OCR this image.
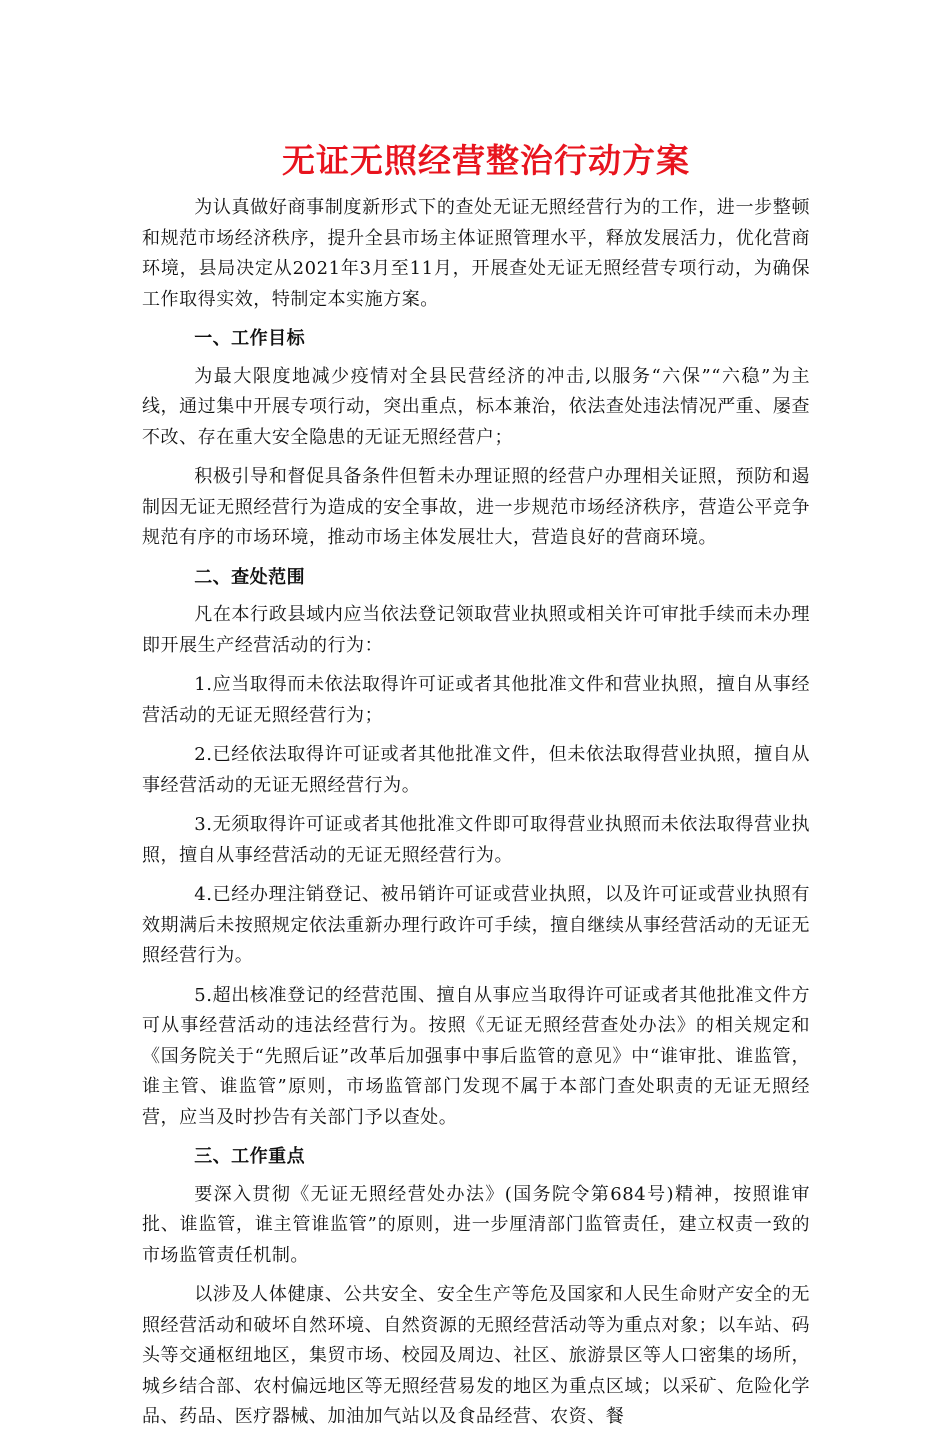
无证无照经营整治行动方案

为认真做好商事制度新形式下的查处无证无照经营行为的工作，进一步整顿和规范市场经济秩序，提升全县市场主体证照管理水平，释放发展活力，优化营商环境，县局决定从2021年3月至11月，开展查处无证无照经营专项行动，为确保工作取得实效，特制定本实施方案。

一、工作目标

为最大限度地减少疫情对全县民营经济的冲击,以服务“六保”“六稳”为主线，通过集中开展专项行动，突出重点，标本兼治，依法查处违法情况严重、屡查不改、存在重大安全隐患的无证无照经营户；

积极引导和督促具备条件但暂未办理证照的经营户办理相关证照，预防和遏制因无证无照经营行为造成的安全事故，进一步规范市场经济秩序，营造公平竞争规范有序的市场环境，推动市场主体发展壮大，营造良好的营商环境。

二、查处范围

凡在本行政县域内应当依法登记领取营业执照或相关许可审批手续而未办理即开展生产经营活动的行为：

1.应当取得而未依法取得许可证或者其他批准文件和营业执照，擅自从事经营活动的无证无照经营行为；

2.已经依法取得许可证或者其他批准文件，但未依法取得营业执照，擅自从事经营活动的无证无照经营行为。

3.无须取得许可证或者其他批准文件即可取得营业执照而未依法取得营业执照，擅自从事经营活动的无证无照经营行为。

4.已经办理注销登记、被吊销许可证或营业执照，以及许可证或营业执照有效期满后未按照规定依法重新办理行政许可手续，擅自继续从事经营活动的无证无照经营行为。

5.超出核准登记的经营范围、擅自从事应当取得许可证或者其他批准文件方可从事经营活动的违法经营行为。按照《无证无照经营查处办法》的相关规定和《国务院关于“先照后证”改革后加强事中事后监管的意见》中“谁审批、谁监管，谁主管、谁监管”原则，市场监管部门发现不属于本部门查处职责的无证无照经营，应当及时抄告有关部门予以查处。

三、工作重点

要深入贯彻《无证无照经营处办法》(国务院令第684号)精神，按照谁审批、谁监管，谁主管谁监管”的原则，进一步厘清部门监管责任，建立权责一致的市场监管责任机制。

以涉及人体健康、公共安全、安全生产等危及国家和人民生命财产安全的无照经营活动和破坏自然环境、自然资源的无照经营活动等为重点对象；以车站、码头等交通枢纽地区，集贸市场、校园及周边、社区、旅游景区等人口密集的场所，城乡结合部、农村偏远地区等无照经营易发的地区为重点区域；以采矿、危险化学品、药品、医疗器械、加油加气站以及食品经营、农资、餐
